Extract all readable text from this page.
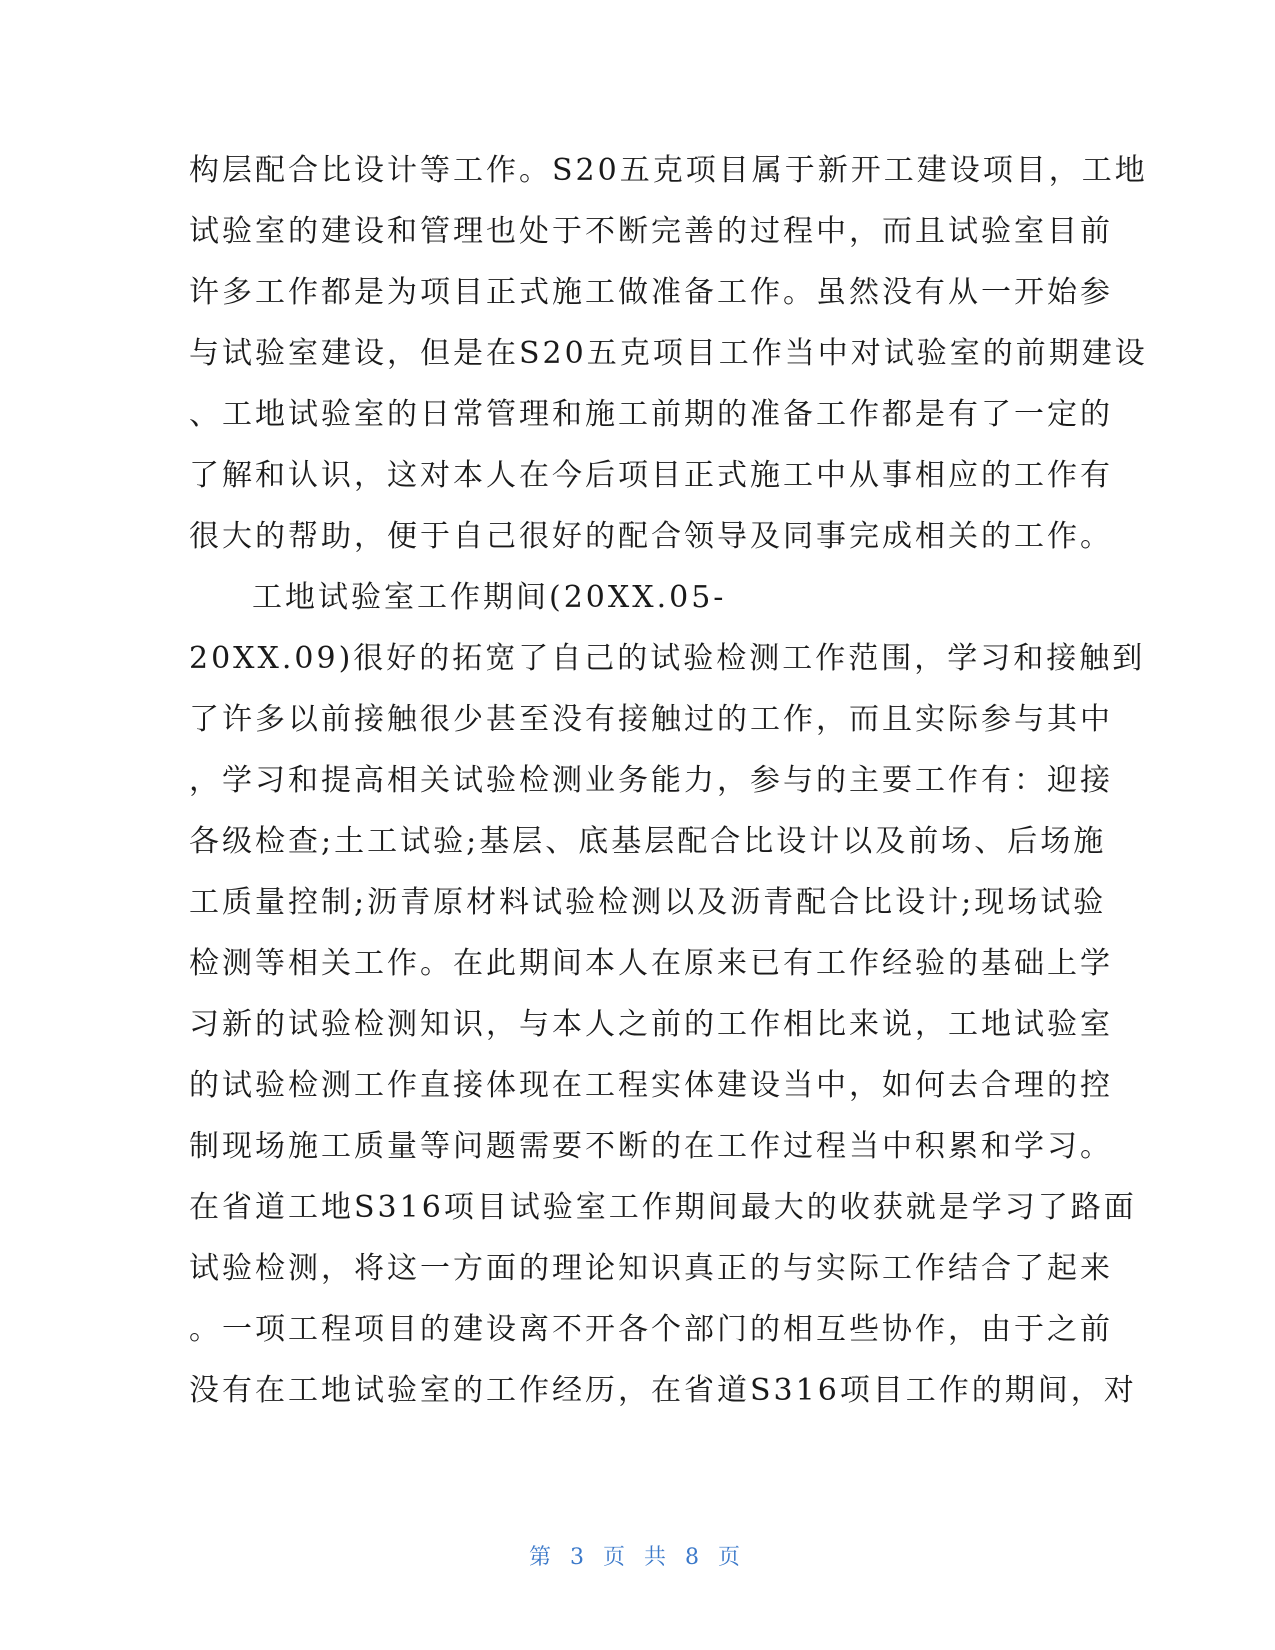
构层配合比设计等工作。S20五克项目属于新开工建设项目，工地
试验室的建设和管理也处于不断完善的过程中，而且试验室目前
许多工作都是为项目正式施工做准备工作。虽然没有从一开始参
与试验室建设，但是在S20五克项目工作当中对试验室的前期建设
、工地试验室的日常管理和施工前期的准备工作都是有了一定的
了解和认识，这对本人在今后项目正式施工中从事相应的工作有
很大的帮助，便于自己很好的配合领导及同事完成相关的工作。
工地试验室工作期间(20XX.05-
20XX.09)很好的拓宽了自己的试验检测工作范围，学习和接触到
了许多以前接触很少甚至没有接触过的工作，而且实际参与其中
，学习和提高相关试验检测业务能力，参与的主要工作有：迎接
各级检查;土工试验;基层、底基层配合比设计以及前场、后场施
工质量控制;沥青原材料试验检测以及沥青配合比设计;现场试验
检测等相关工作。在此期间本人在原来已有工作经验的基础上学
习新的试验检测知识，与本人之前的工作相比来说，工地试验室
的试验检测工作直接体现在工程实体建设当中，如何去合理的控
制现场施工质量等问题需要不断的在工作过程当中积累和学习。
在省道工地S316项目试验室工作期间最大的收获就是学习了路面
试验检测，将这一方面的理论知识真正的与实际工作结合了起来
。一项工程项目的建设离不开各个部门的相互些协作，由于之前
没有在工地试验室的工作经历，在省道S316项目工作的期间，对
第 3 页 共 8 页
